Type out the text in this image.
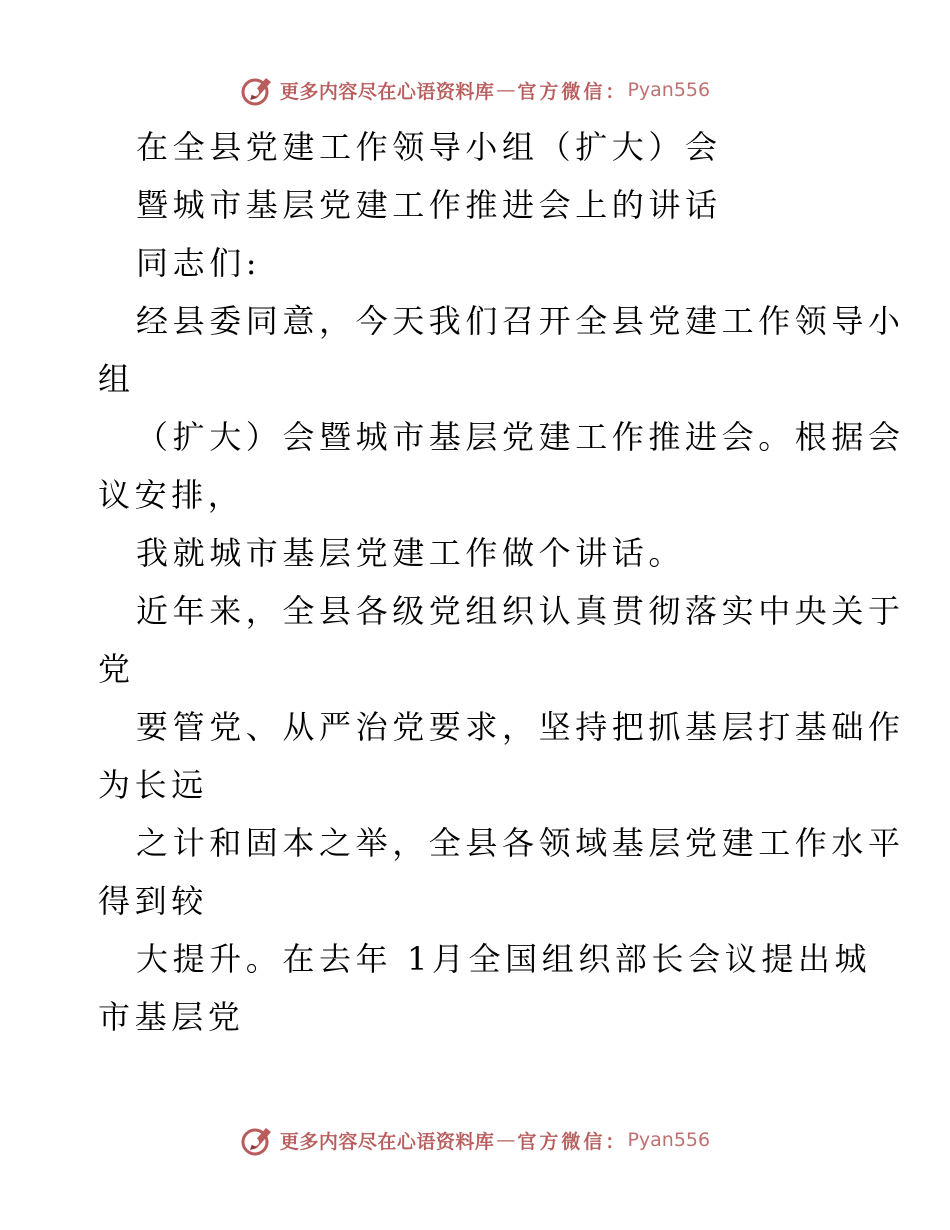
更多内容尽在心语资料库 — 官方微信： Pyan556
在全县党建工作领导小组（扩大）会
暨城市基层党建工作推进会上的讲话
同志们:
经县委同意，今天我们召开全县党建工作领导小
组
（扩大）会暨城市基层党建工作推进会。根据会
议安排，
我就城市基层党建工作做个讲话。
近年来，全县各级党组织认真贯彻落实中央关于
党
要管党、从严治党要求，坚持把抓基层打基础作
为长远
之计和固本之举，全县各领域基层党建工作水平
得到较
大提升。在去年 1月全国组织部长会议提出城
市基层党
更多内容尽在心语资料库 — 官方微信： Pyan556
